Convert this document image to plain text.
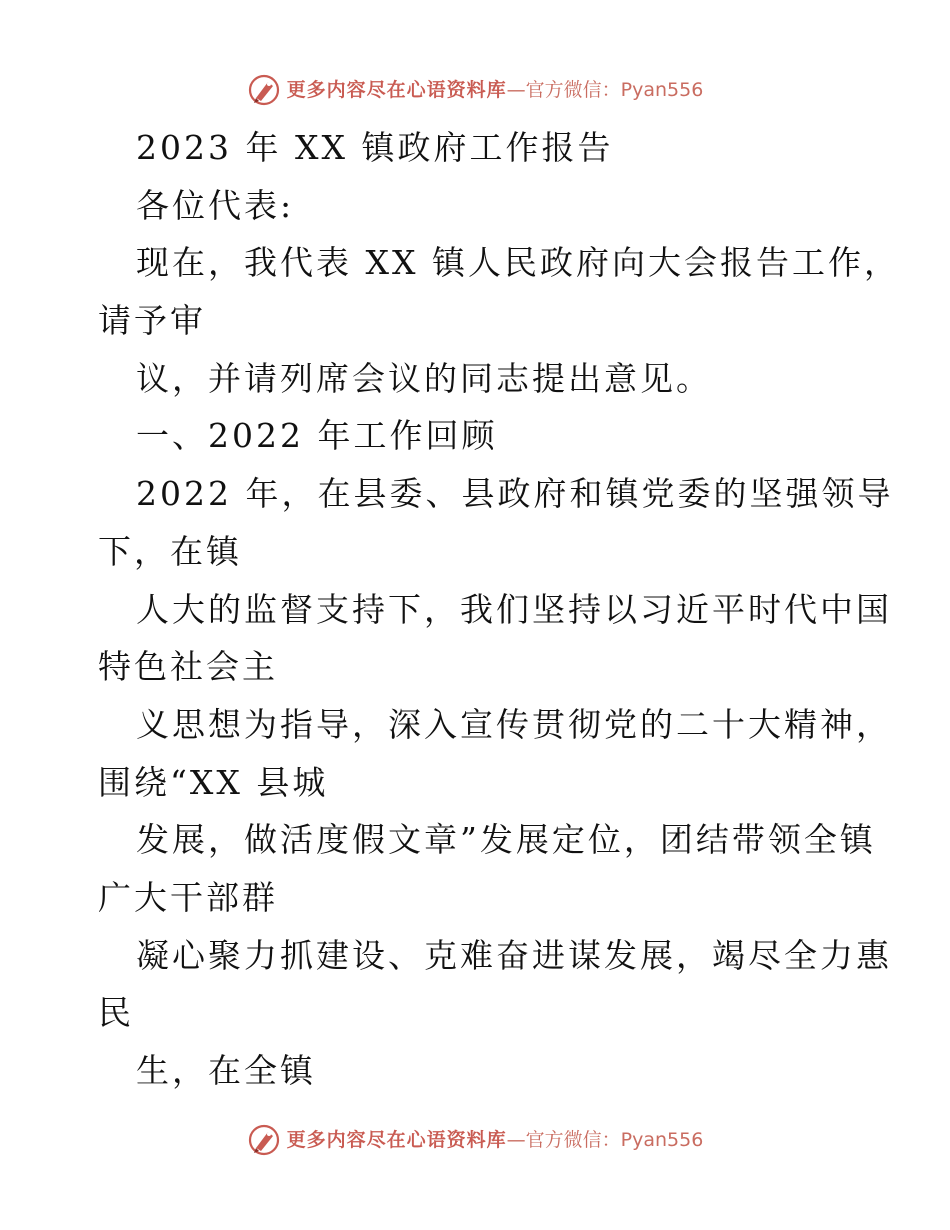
更多内容尽在心语资料库 —官方微信：Pyan556
2023 年 XX 镇政府工作报告
各位代表:
现在，我代表 XX 镇人民政府向大会报告工作，
请予审
议，并请列席会议的同志提出意见。
一、2022 年工作回顾
2022 年，在县委、县政府和镇党委的坚强领导
下，在镇
人大的监督支持下，我们坚持以习近平时代中国
特色社会主
义思想为指导，深入宣传贯彻党的二十大精神，
围绕“XX 县城
发展，做活度假文章”发展定位，团结带领全镇
广大干部群
凝心聚力抓建设、克难奋进谋发展，竭尽全力惠
民
生，在全镇
更多内容尽在心语资料库 —官方微信：Pyan556
